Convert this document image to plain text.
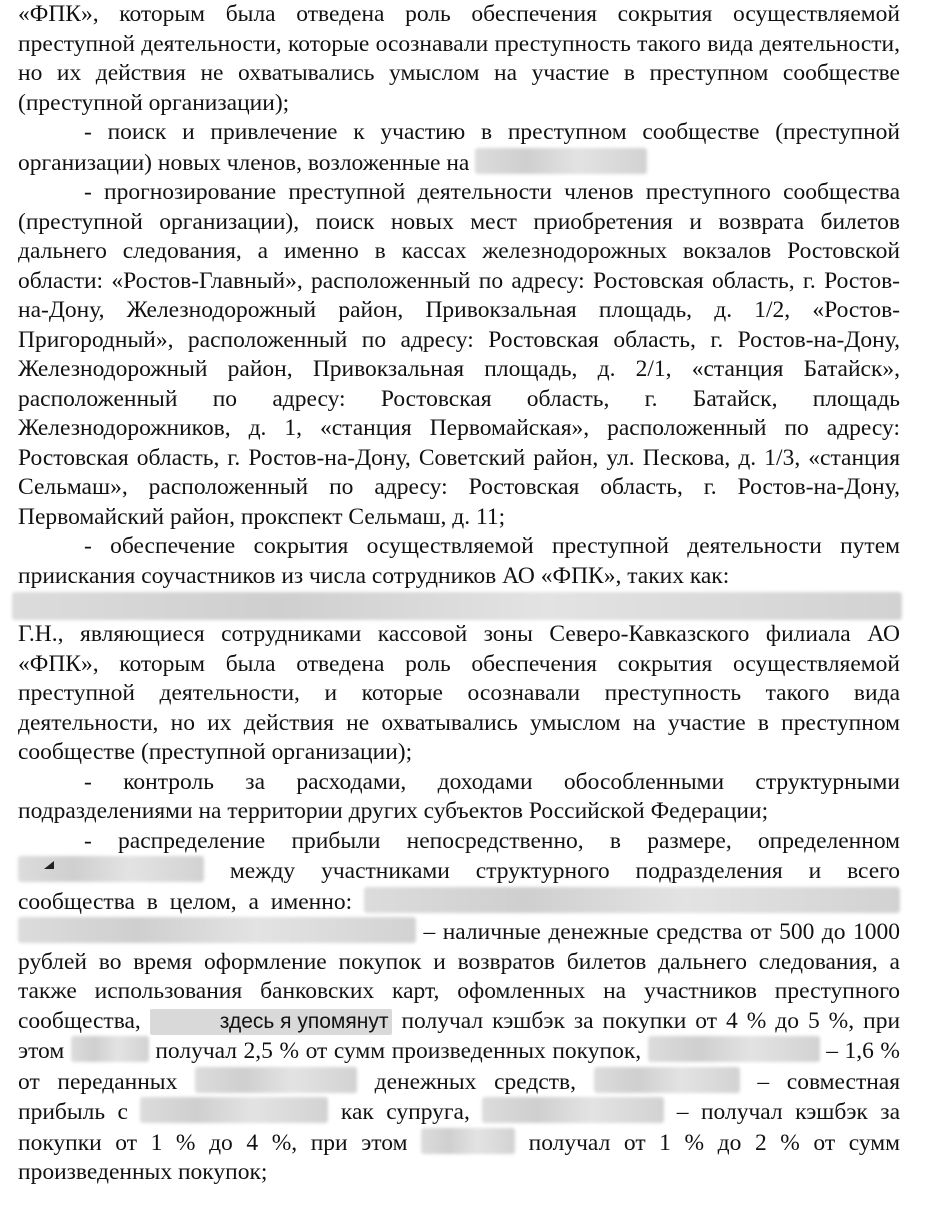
«ФПК», которым была отведена роль обеспечения сокрытия осуществляемой преступной деятельности, которые осознавали преступность такого вида деятельности, но их действия не охватывались умыслом на участие в преступном сообществе (преступной организации);

- поиск и привлечение к участию в преступном сообществе (преступной организации) новых членов, возложенные на

- прогнозирование преступной деятельности членов преступного сообщества (преступной организации), поиск новых мест приобретения и возврата билетов дальнего следования, а именно в кассах железнодорожных вокзалов Ростовской области: «Ростов-Главный», расположенный по адресу: Ростовская область, г. Ростов-на-Дону, Железнодорожный район, Привокзальная площадь, д. 1/2, «Ростов-Пригородный», расположенный по адресу: Ростовская область, г. Ростов-на-Дону, Железнодорожный район, Привокзальная площадь, д. 2/1, «станция Батайск», расположенный по адресу: Ростовская область, г. Батайск, площадь Железнодорожников, д. 1, «станция Первомайская», расположенный по адресу: Ростовская область, г. Ростов-на-Дону, Советский район, ул. Пескова, д. 1/3, «станция Сельмаш», расположенный по адресу: Ростовская область, г. Ростов-на-Дону, Первомайский район, прокспект Сельмаш, д. 11;

- обеспечение сокрытия осуществляемой преступной деятельности путем приискания соучастников из числа сотрудников АО «ФПК», таких как:

Г.Н., являющиеся сотрудниками кассовой зоны Северо-Кавказского филиала АО «ФПК», которым была отведена роль обеспечения сокрытия осуществляемой преступной деятельности, и которые осознавали преступность такого вида деятельности, но их действия не охватывались умыслом на участие в преступном сообществе (преступной организации);

- контроль за расходами, доходами обособленными структурными подразделениями на территории других субъектов Российской Федерации;

- распределение прибыли непосредственно, в размере, определенном  между участниками структурного подразделения и всего сообщества в целом, а именно:   – наличные денежные средства от 500 до 1000 рублей во время оформление покупок и возвратов билетов дальнего следования, а также использования банковских карт, офомленных на участников преступного сообщества,	здесь я упомянут получал кэшбэк за покупки от 4 % до 5 %, при этом	получал 2,5 % от сумм произведенных покупок,	– 1,6 % от переданных	денежных средств,	– совместная прибыль с	как супруга,	– получал кэшбэк за покупки от 1 % до 4 %, при этом	получал от 1 % до 2 % от сумм произведенных покупок;
